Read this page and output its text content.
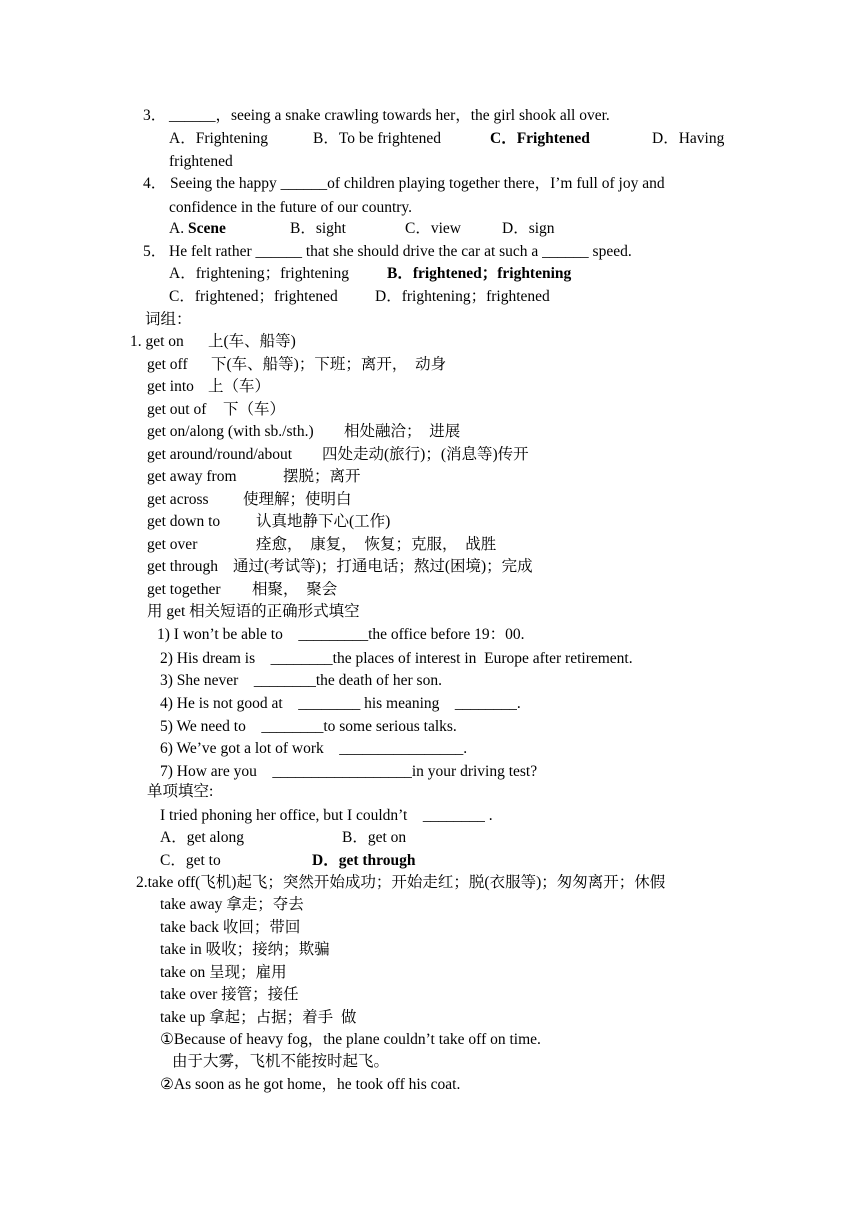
3． ______，seeing a snake crawling towards her，the girl shook all over.
A．Frightening	B．To be frightened	C．Frightened	D．Having
frightened
4． Seeing the happy ______of children playing together there，I’m full of joy and
confidence in the future of our country.
A. Scene	B．sight	C．view	D．sign
5． He felt rather ______ that she should drive the car at such a ______ speed.
A．frightening；frightening B．frightened；frightening
C．frightened；frightened D．frightening；frightened
词组：
1. get on 上(车、船等)
get off 下(车、船等)；下班；离开，  动身
get into 上（车）
get out of 下（车）
get on/along (with sb./sth.) 相处融洽；  进展
get around/round/about 四处走动(旅行)；(消息等)传开
get away from	摆脱；离开
get across 使理解；使明白
get down to 认真地静下心(工作)
get over	痊愈，  康复，  恢复；克服，  战胜
get through 通过(考试等)；打通电话；熬过(困境)；完成
get together 相聚，  聚会
用 get 相关短语的正确形式填空
1) I won’t be able to    _________the office before 19：00.
2) His dream is    ________the places of interest in  Europe after retirement.
3) She never    ________the death of her son.
4) He is not good at    ________ his meaning    ________.
5) We need to    ________to some serious talks.
6) We’ve got a lot of work    ________________.
7) How are you    __________________in your driving test?
单项填空:
I tried phoning her office, but I couldn’t    ________ .
A．get along	B．get on
C．get to	D．get through
2.take off(飞机)起飞；突然开始成功；开始走红；脱(衣服等)；匆匆离开；休假
take away 拿走；夺去
take back 收回；带回
take in 吸收；接纳；欺骗
take on 呈现；雇用
take over 接管；接任
take up 拿起；占据；着手  做
①Because of heavy fog，the plane couldn’t take off on time.
由于大雾，飞机不能按时起飞。
②As soon as he got home，he took off his coat.
